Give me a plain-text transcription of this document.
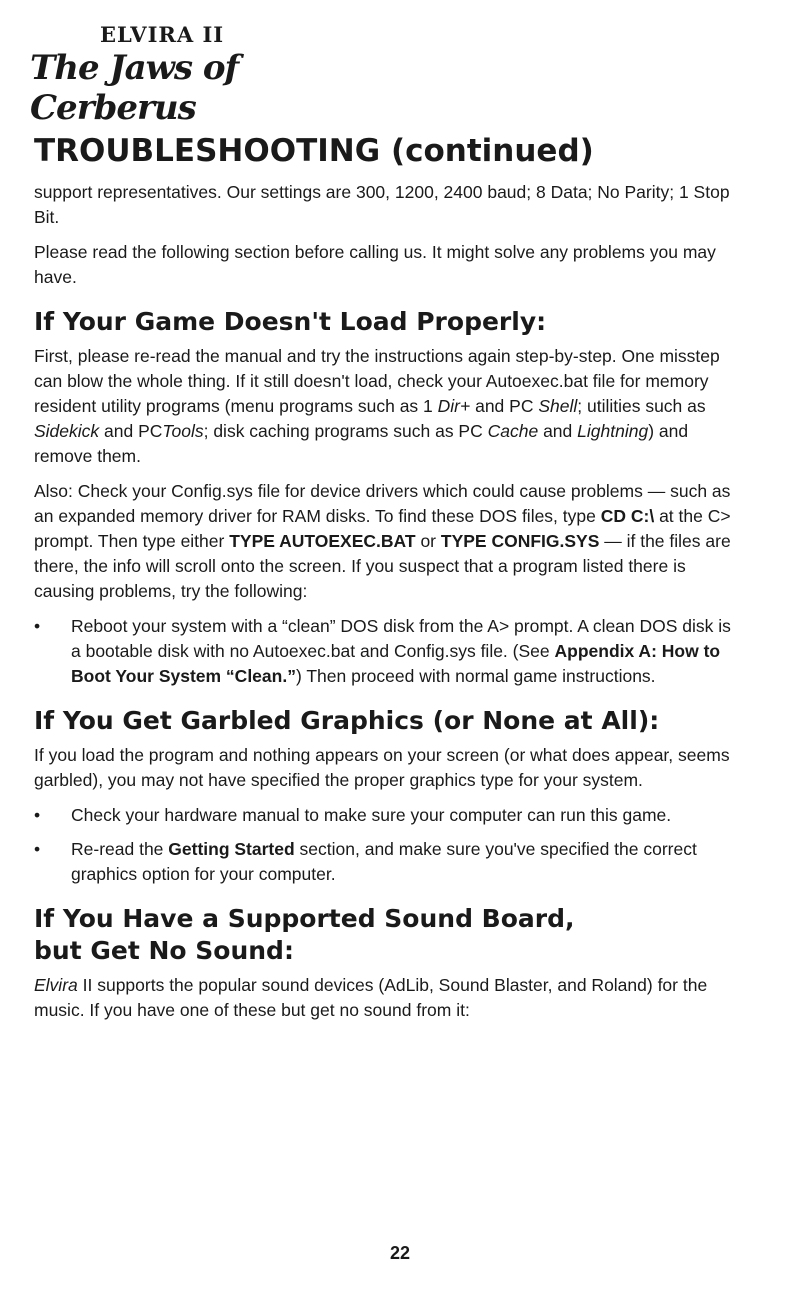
ELVIRA II
The Jaws of Cerberus
TROUBLESHOOTING (continued)

support representatives. Our settings are 300, 1200, 2400 baud; 8 Data; No Parity; 1 Stop Bit.

Please read the following section before calling us. It might solve any problems you may have.

If Your Game Doesn't Load Properly:

First, please re-read the manual and try the instructions again step-by-step. One misstep can blow the whole thing. If it still doesn't load, check your Autoexec.bat file for memory resident utility programs (menu programs such as 1 Dir+ and PC Shell; utilities such as Sidekick and PCTools; disk caching programs such as PC Cache and Lightning) and remove them.

Also: Check your Config.sys file for device drivers which could cause problems — such as an expanded memory driver for RAM disks. To find these DOS files, type CD C:\ at the C> prompt. Then type either TYPE AUTOEXEC.BAT or TYPE CONFIG.SYS — if the files are there, the info will scroll onto the screen. If you suspect that a program listed there is causing problems, try the following:

• Reboot your system with a “clean” DOS disk from the A> prompt. A clean DOS disk is a bootable disk with no Autoexec.bat and Config.sys file. (See Appendix A: How to Boot Your System “Clean.”) Then proceed with normal game instructions.
If You Get Garbled Graphics (or None at All):

If you load the program and nothing appears on your screen (or what does appear, seems garbled), you may not have specified the proper graphics type for your system.

• Check your hardware manual to make sure your computer can run this game.
• Re-read the Getting Started section, and make sure you've specified the correct graphics option for your computer.
If You Have a Supported Sound Board,
but Get No Sound:

Elvira II supports the popular sound devices (AdLib, Sound Blaster, and Roland) for the music. If you have one of these but get no sound from it:

22
